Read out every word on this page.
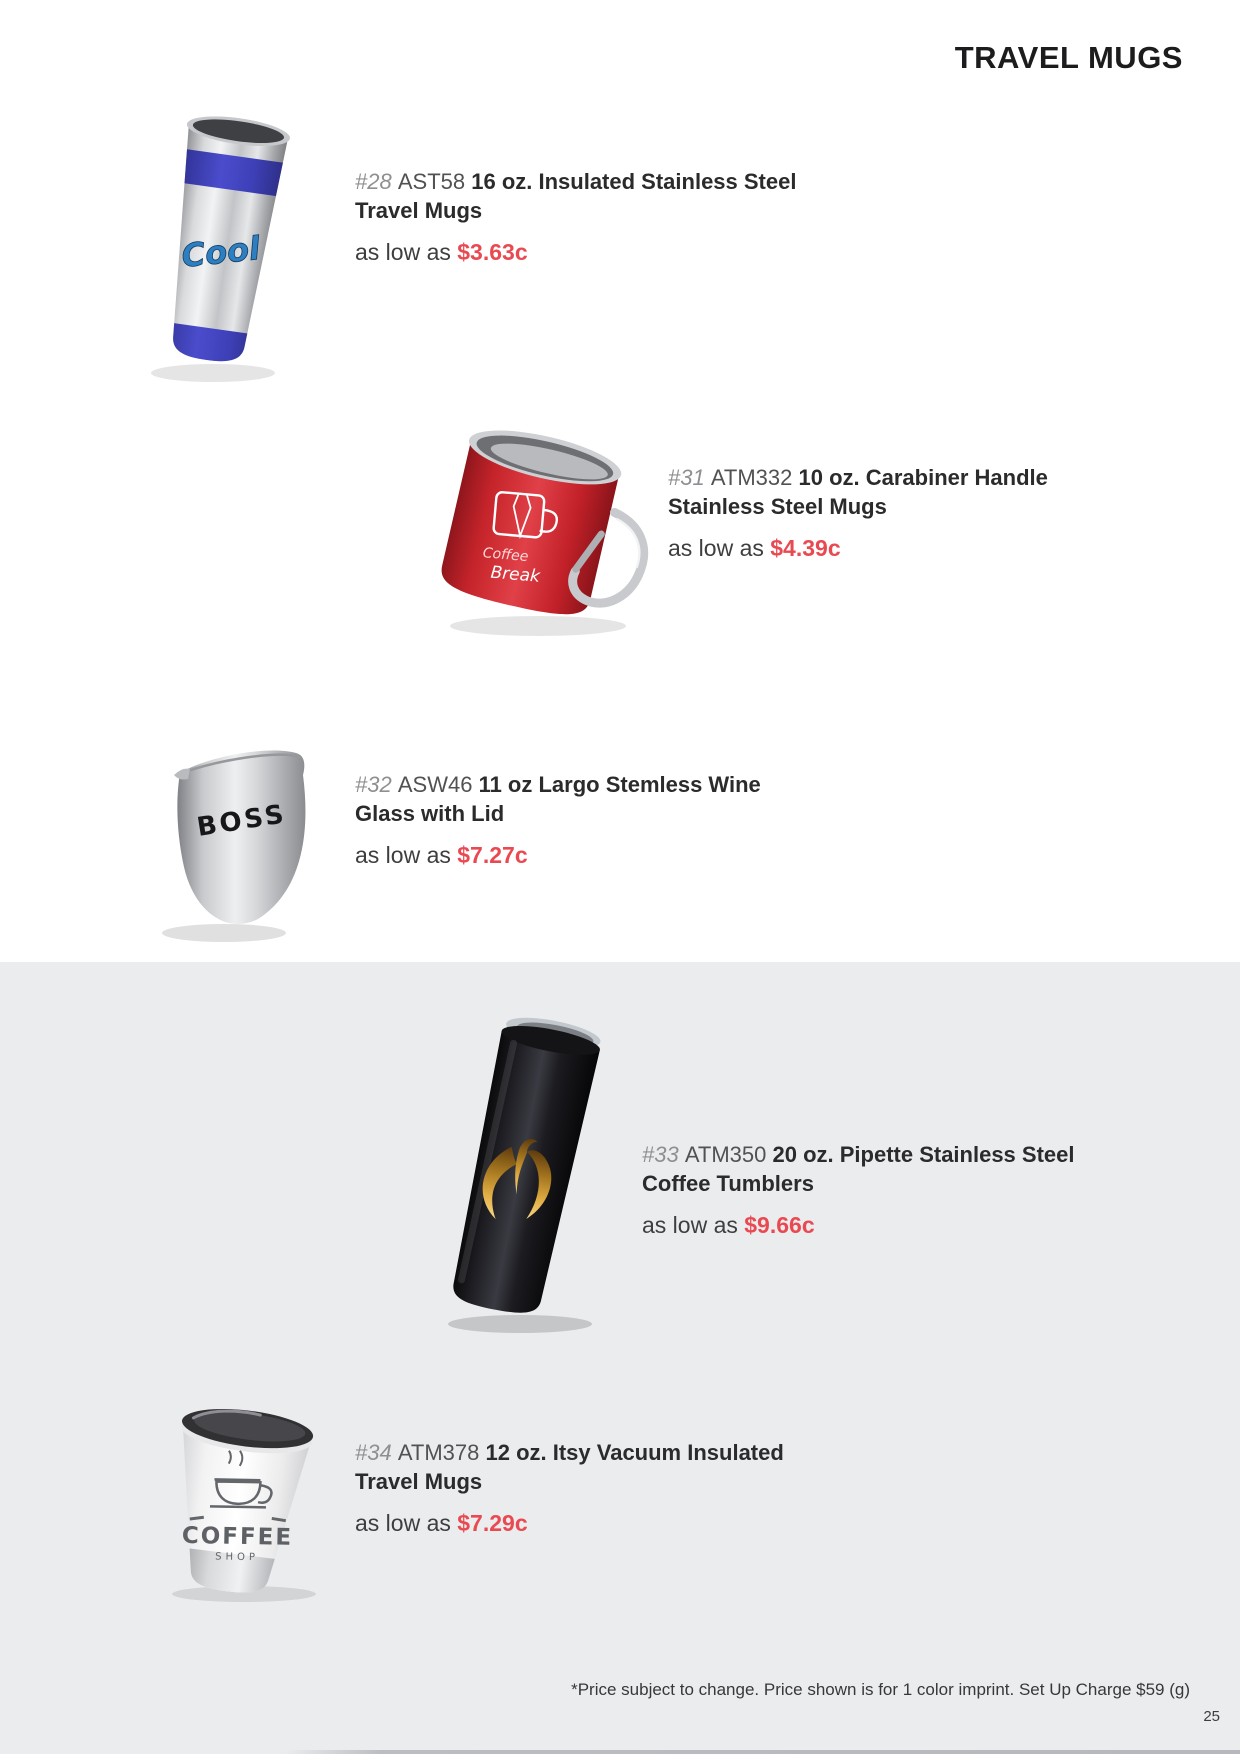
TRAVEL MUGS
Cool

#28 AST58 16 oz. Insulated Stainless Steel Travel Mugs

as low as $3.63c

Coffee
Break

#31 ATM332 10 oz. Carabiner Handle Stainless Steel Mugs

as low as $4.39c

BOSS

#32 ASW46 11 oz Largo Stemless Wine Glass with Lid

as low as $7.27c

#33 ATM350 20 oz. Pipette Stainless Steel Coffee Tumblers

as low as $9.66c

COFFEE
SHOP

#34 ATM378 12 oz. Itsy Vacuum Insulated Travel Mugs

as low as $7.29c

*Price subject to change. Price shown is for 1 color imprint. Set Up Charge $59 (g)

25
